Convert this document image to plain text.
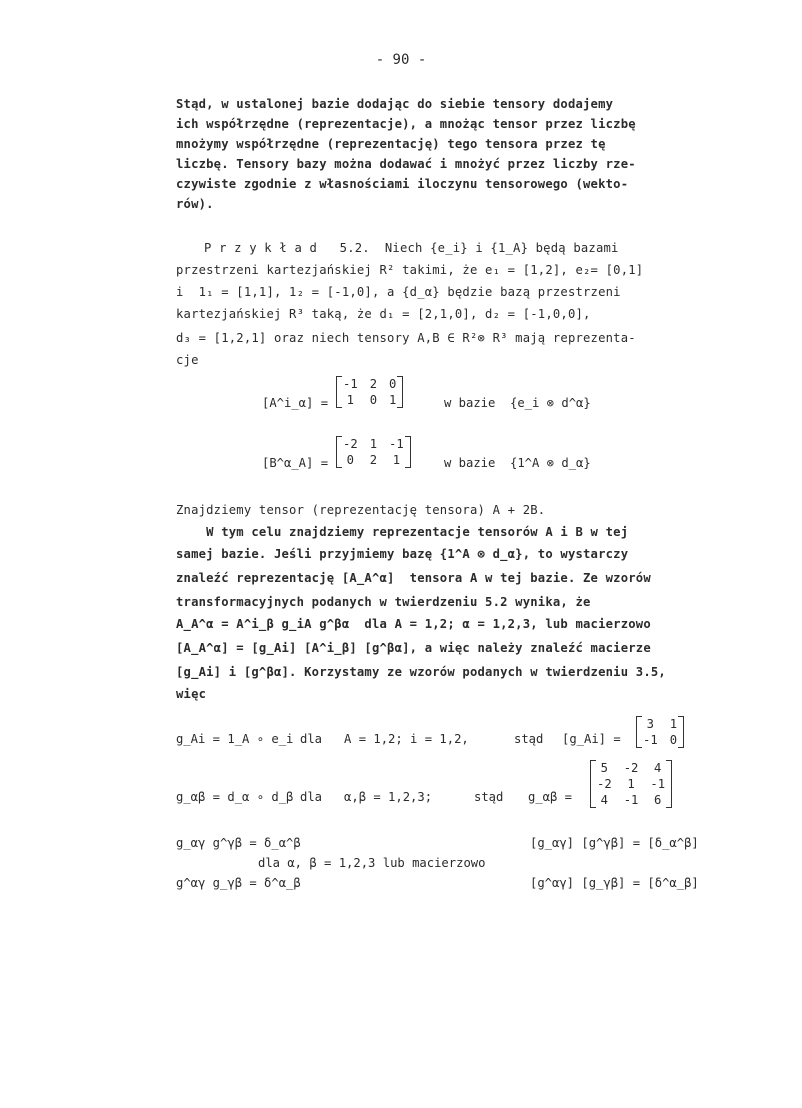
- 90 -
Stąd, w ustalonej bazie dodając do siebie tensory dodajemy
ich współrzędne (reprezentacje), a mnożąc tensor przez liczbę
mnożymy współrzędne (reprezentację) tego tensora przez tę
liczbę. Tensory bazy można dodawać i mnożyć przez liczby rze-
czywiste zgodnie z własnościami iloczynu tensorowego (wekto-
rów).
P r z y k ł a d   5.2.  Niech {e_i} i {1_A} będą bazami
przestrzeni kartezjańskiej R² takimi, że e₁ = [1,2], e₂= [0,1]
i  1₁ = [1,1], 1₂ = [-1,0], a {d_α} będzie bazą przestrzeni
kartezjańskiej R³ taką, że d₁ = [2,1,0], d₂ = [-1,0,0],
d₃ = [1,2,1] oraz niech tensory A,B ∈ R²⊗ R³ mają reprezenta-
cje
[A^i_α] =
-1	2	0
1	0	1	w bazie {e_i ⊗ d^α}
[B^α_A] =
-2	1	-1
0	2	1	w bazie {1^A ⊗ d_α}
Znajdziemy tensor (reprezentację tensora) A + 2B.
W tym celu znajdziemy reprezentacje tensorów A i B w tej
samej bazie. Jeśli przyjmiemy bazę {1^A ⊗ d_α}, to wystarczy
znaleźć reprezentację [A_A^α]  tensora A w tej bazie. Ze wzorów
transformacyjnych podanych w twierdzeniu 5.2 wynika, że
A_A^α = A^i_β g_iA g^βα  dla A = 1,2; α = 1,2,3, lub macierzowo
[A_A^α] = [g_Ai] [A^i_β] [g^βα], a więc należy znaleźć macierze
[g_Ai] i [g^βα]. Korzystamy ze wzorów podanych w twierdzeniu 3.5,
więc
g_Ai = 1_A ∘ e_i dla   A = 1,2; i = 1,2,	stąd [g_Ai] =
3	1
-1	0
g_αβ = d_α ∘ d_β dla   α,β = 1,2,3;	stąd g_αβ =
5	-2	4
-2	1	-1
4	-1	6
g_αγ g^γβ = δ_α^β	[g_αγ] [g^γβ] = [δ_α^β]
dla α, β = 1,2,3 lub macierzowo
g^αγ g_γβ = δ^α_β	[g^αγ] [g_γβ] = [δ^α_β]
